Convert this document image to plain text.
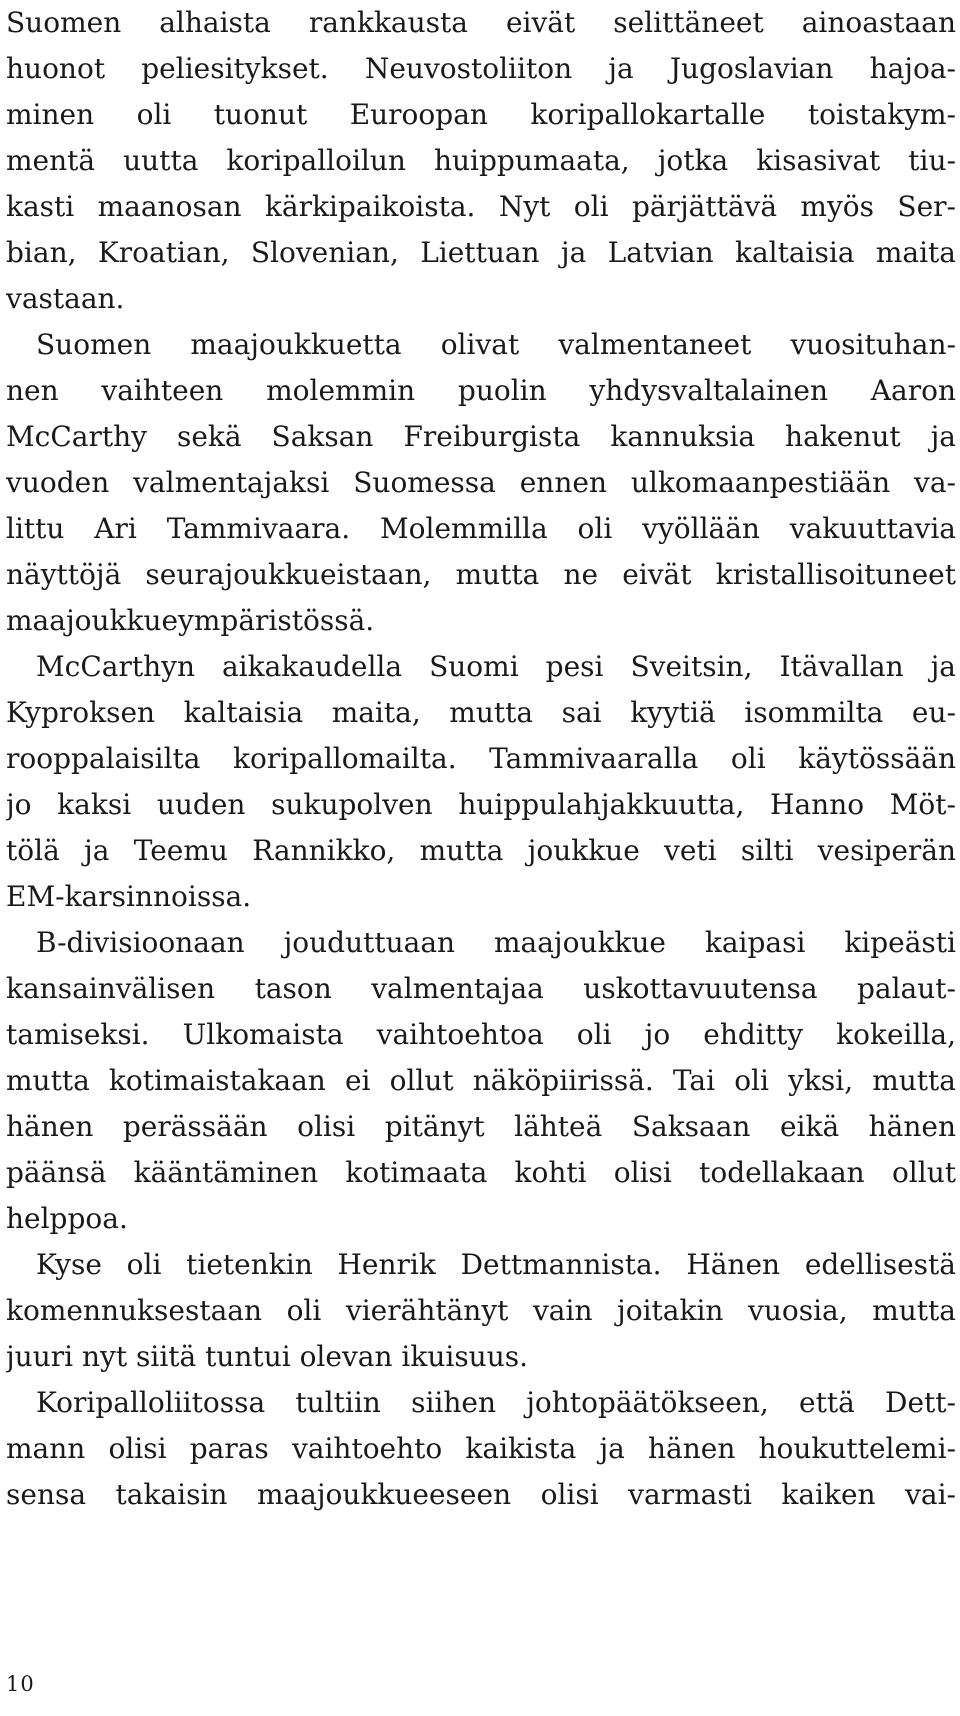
Suomen alhaista rankkausta eivät selittäneet ainoastaan
huonot peliesitykset. Neuvostoliiton ja Jugoslavian hajoa-
minen oli tuonut Euroopan koripallokartalle toistakym-
mentä uutta koripalloilun huippumaata, jotka kisasivat tiu-
kasti maanosan kärkipaikoista. Nyt oli pärjättävä myös Ser-
bian, Kroatian, Slovenian, Liettuan ja Latvian kaltaisia maita
vastaan.
Suomen maajoukkuetta olivat valmentaneet vuosituhan-
nen vaihteen molemmin puolin yhdysvaltalainen Aaron
McCarthy sekä Saksan Freiburgista kannuksia hakenut ja
vuoden valmentajaksi Suomessa ennen ulkomaanpestiään va-
littu Ari Tammivaara. Molemmilla oli vyöllään vakuuttavia
näyttöjä seurajoukkueistaan, mutta ne eivät kristallisoituneet
maajoukkueympäristössä.
McCarthyn aikakaudella Suomi pesi Sveitsin, Itävallan ja
Kyproksen kaltaisia maita, mutta sai kyytiä isommilta eu-
rooppalaisilta koripallomailta. Tammivaaralla oli käytössään
jo kaksi uuden sukupolven huippulahjakkuutta, Hanno Möt-
tölä ja Teemu Rannikko, mutta joukkue veti silti vesiperän
EM-karsinnoissa.
B-divisioonaan jouduttuaan maajoukkue kaipasi kipeästi
kansainvälisen tason valmentajaa uskottavuutensa palaut-
tamiseksi. Ulkomaista vaihtoehtoa oli jo ehditty kokeilla,
mutta kotimaistakaan ei ollut näköpiirissä. Tai oli yksi, mutta
hänen perässään olisi pitänyt lähteä Saksaan eikä hänen
päänsä kääntäminen kotimaata kohti olisi todellakaan ollut
helppoa.
Kyse oli tietenkin Henrik Dettmannista. Hänen edellisestä
komennuksestaan oli vierähtänyt vain joitakin vuosia, mutta
juuri nyt siitä tuntui olevan ikuisuus.
Koripalloliitossa tultiin siihen johtopäätökseen, että Dett-
mann olisi paras vaihtoehto kaikista ja hänen houkuttelemi-
sensa takaisin maajoukkueeseen olisi varmasti kaiken vai-
10
